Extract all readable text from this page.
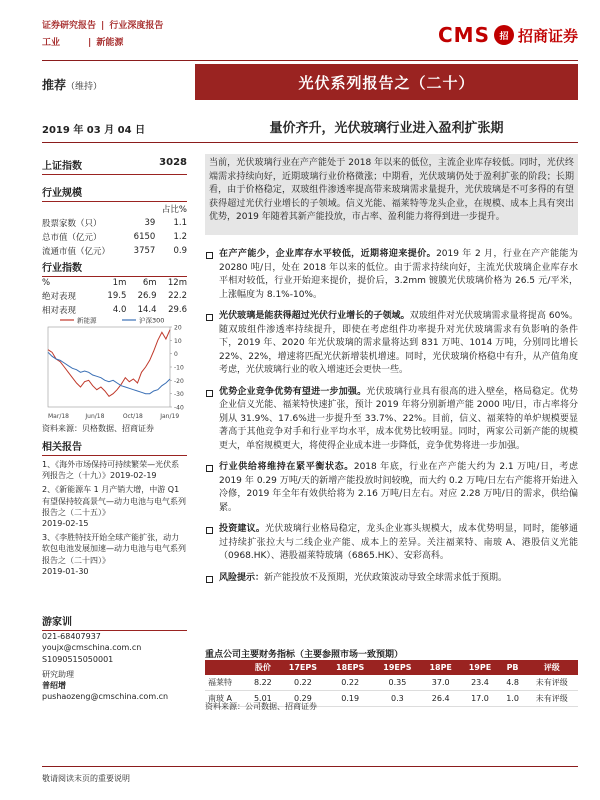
证券研究报告 | 行业深度报告
工业	| 新能源	CMS	招 招商证券
推荐（维持）	光伏系列报告之（二十）
2019 年 03 月 04 日	量价齐升，光伏玻璃行业进入盈利扩张期
上证指数	3028
行业规模
		占比%
股票家数（只）	39	1.1
总市值（亿元）	6150	1.2
流通市值（亿元）	3757	0.9
行业指数
%	1m	6m	12m
绝对表现	19.5	26.9	22.2
相对表现	4.0	14.4	29.6
20
10
0
-10
-20
-30
-40
Mar/18	Jun/18	Oct/18	Jan/19
新能源	沪深300
资料来源：贝格数据、招商证券
相关报告
1、《海外市场保持可持续繁荣—光伏系列报告之（十九）》2019-02-19
2、《新能源车 1 月产销大增，中游 Q1 有望保持较高景气—动力电池与电气系列报告之（二十五）》
2019-02-15
3、《李胜特技开始全球产能扩张，动力软包电池发展加速—动力电池与电气系列报告之（二十四）》
2019-01-30
游家训
021-68407937
youjx@cmschina.com.cn
S1090515050001
研究助理
普绍增
pushaozeng@cmschina.com.cn
当前，光伏玻璃行业在产产能处于 2018 年以来的低位，主流企业库存较低。同时，光伏终端需求持续向好，近期玻璃行业价格微涨；中期看，光伏玻璃仍处于盈利扩张的阶段；长期看，由于价格稳定，双玻组件渗透率提高带来玻璃需求量提升，光伏玻璃是不可多得的有望获得超过光伏行业增长的子领域。信义光能、福莱特等龙头企业，在规模、成本上具有突出优势，2019 年随着其新产能投放，市占率、盈利能力将得到进一步提升。
在产产能少，企业库存水平较低，近期将迎来提价。2019 年 2 月，行业在产产能能为 20280 吨/日，处在 2018 年以来的低位。由于需求持续向好，主流光伏玻璃企业库存水平相对较低，行业开始迎来提价，提价后，3.2mm 镀膜光伏玻璃价格为 26.5 元/平米，上涨幅度为 8.1%-10%。
光伏玻璃是能获得超过光伏行业增长的子领域。双玻组件对光伏玻璃需求量将提高 60%。随双玻组件渗透率持续提升，即使在考虑组件功率提升对光伏玻璃需求有负影响的条件下，2019 年、2020 年光伏玻璃的需求量将达到 831 万吨、1014 万吨，分别同比增长 22%、22%，增速将匹配光伏新增装机增速。同时，光伏玻璃价格稳中有升，从产值角度考虑，光伏玻璃行业的收入增速还会更快一些。
优势企业竞争优势有望进一步加强。光伏玻璃行业具有很高的进入壁垒，格局稳定。优势企业信义光能、福莱特快速扩张，预计 2019 年将分别新增产能 2000 吨/日，市占率将分别从 31.9%、17.6%进一步提升至 33.7%、22%。目前，信义、福莱特的单炉规模要显著高于其他竞争对手和行业平均水平，成本优势比较明显。同时，两家公司新产能的规模更大，单窑规模更大，将使得企业成本进一步降低，竞争优势将进一步加强。
行业供给将维持在紧平衡状态。2018 年底，行业在产产能大约为 2.1 万吨/日，考虑 2019 年 0.29 万吨/天的新增产能投放时间较晚，而大约 0.2 万吨/日左右产能将开始进入冷修，2019 年全年有效供给将为 2.16 万吨/日左右。对应 2.28 万吨/日的需求，供给偏紧。
投资建议。光伏玻璃行业格局稳定，龙头企业寡头规模大，成本优势明显，同时，能够通过持续扩张拉大与二线企业产能、成本上的差异。关注福莱特、南玻 A、港股信义光能（0968.HK）、港股福莱特玻璃（6865.HK）、安彩高科。
风险提示：新产能投放不及预期，光伏政策波动导致全球需求低于预期。
重点公司主要财务指标（主要参照市场一致预期）
	股价	17EPS	18EPS	19EPS	18PE	19PE	PB	评级
福莱特	8.22	0.22	0.22	0.35	37.0	23.4	4.8	未有评级
南玻 A	5.01	0.29	0.19	0.3	26.4	17.0	1.0	未有评级
资料来源：公司数据、招商证券
敬请阅读末页的重要说明
